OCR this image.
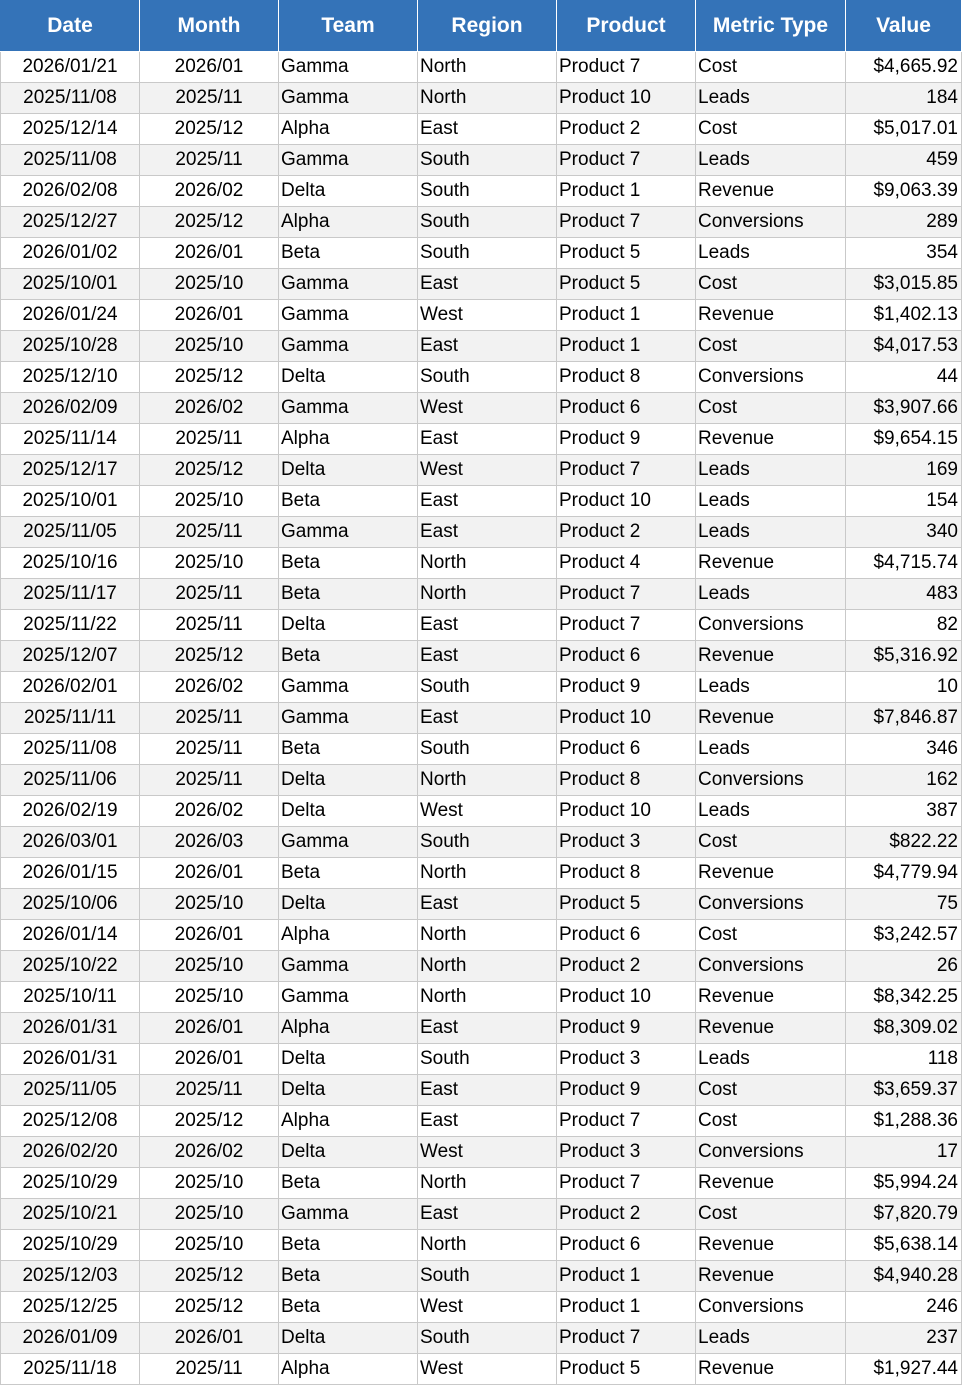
Date	Month	Team	Region	Product	Metric Type	Value
2026/01/21	2026/01	Gamma	North	Product 7	Cost	$4,665.92
2025/11/08	2025/11	Gamma	North	Product 10	Leads	184
2025/12/14	2025/12	Alpha	East	Product 2	Cost	$5,017.01
2025/11/08	2025/11	Gamma	South	Product 7	Leads	459
2026/02/08	2026/02	Delta	South	Product 1	Revenue	$9,063.39
2025/12/27	2025/12	Alpha	South	Product 7	Conversions	289
2026/01/02	2026/01	Beta	South	Product 5	Leads	354
2025/10/01	2025/10	Gamma	East	Product 5	Cost	$3,015.85
2026/01/24	2026/01	Gamma	West	Product 1	Revenue	$1,402.13
2025/10/28	2025/10	Gamma	East	Product 1	Cost	$4,017.53
2025/12/10	2025/12	Delta	South	Product 8	Conversions	44
2026/02/09	2026/02	Gamma	West	Product 6	Cost	$3,907.66
2025/11/14	2025/11	Alpha	East	Product 9	Revenue	$9,654.15
2025/12/17	2025/12	Delta	West	Product 7	Leads	169
2025/10/01	2025/10	Beta	East	Product 10	Leads	154
2025/11/05	2025/11	Gamma	East	Product 2	Leads	340
2025/10/16	2025/10	Beta	North	Product 4	Revenue	$4,715.74
2025/11/17	2025/11	Beta	North	Product 7	Leads	483
2025/11/22	2025/11	Delta	East	Product 7	Conversions	82
2025/12/07	2025/12	Beta	East	Product 6	Revenue	$5,316.92
2026/02/01	2026/02	Gamma	South	Product 9	Leads	10
2025/11/11	2025/11	Gamma	East	Product 10	Revenue	$7,846.87
2025/11/08	2025/11	Beta	South	Product 6	Leads	346
2025/11/06	2025/11	Delta	North	Product 8	Conversions	162
2026/02/19	2026/02	Delta	West	Product 10	Leads	387
2026/03/01	2026/03	Gamma	South	Product 3	Cost	$822.22
2026/01/15	2026/01	Beta	North	Product 8	Revenue	$4,779.94
2025/10/06	2025/10	Delta	East	Product 5	Conversions	75
2026/01/14	2026/01	Alpha	North	Product 6	Cost	$3,242.57
2025/10/22	2025/10	Gamma	North	Product 2	Conversions	26
2025/10/11	2025/10	Gamma	North	Product 10	Revenue	$8,342.25
2026/01/31	2026/01	Alpha	East	Product 9	Revenue	$8,309.02
2026/01/31	2026/01	Delta	South	Product 3	Leads	118
2025/11/05	2025/11	Delta	East	Product 9	Cost	$3,659.37
2025/12/08	2025/12	Alpha	East	Product 7	Cost	$1,288.36
2026/02/20	2026/02	Delta	West	Product 3	Conversions	17
2025/10/29	2025/10	Beta	North	Product 7	Revenue	$5,994.24
2025/10/21	2025/10	Gamma	East	Product 2	Cost	$7,820.79
2025/10/29	2025/10	Beta	North	Product 6	Revenue	$5,638.14
2025/12/03	2025/12	Beta	South	Product 1	Revenue	$4,940.28
2025/12/25	2025/12	Beta	West	Product 1	Conversions	246
2026/01/09	2026/01	Delta	South	Product 7	Leads	237
2025/11/18	2025/11	Alpha	West	Product 5	Revenue	$1,927.44
